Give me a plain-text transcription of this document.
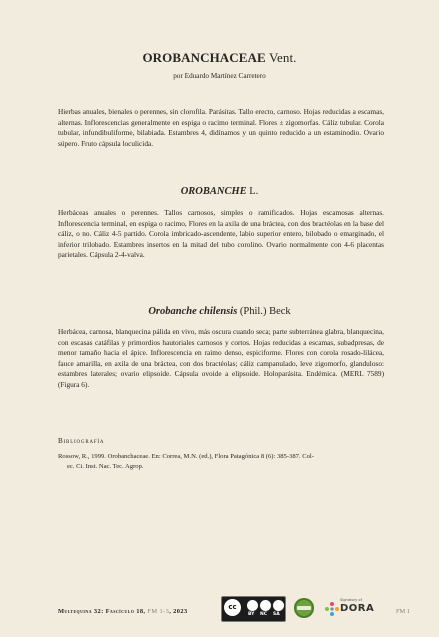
OROBANCHACEAE Vent.
por Eduardo Martínez Carretero
Hierbas anuales, bienales o perennes, sin clorofila. Parásitas. Tallo erecto, carnoso. Hojas reducidas a escamas, alternas. Inflorescencias generalmente en espiga o racimo terminal. Flores ± zigomorfas. Cáliz tubular. Corola tubular, infundibuliforme, bilabiada. Estambres 4, didínamos y un quinto reducido a un estaminodio. Ovario súpero. Fruto cápsula loculicida.
OROBANCHE L.
Herbáceas anuales o perennes. Tallos carnosos, simples o ramificados. Hojas escamosas alternas. Inflorescencia terminal, en espiga o racimo, Flores en la axila de una bráctea, con dos bractéolas en la base del cáliz, o no. Cáliz 4-5 partido. Corola imbricado-ascendente, labio superior entero, bilobado o emarginado, el inferior trilobado. Estambres insertos en la mitad del tubo corolino. Ovario normalmente con 4-6 placentas parietales. Cápsula 2-4-valva.
Orobanche chilensis (Phil.) Beck
Herbácea, carnosa, blanquecina pálida en vivo, más oscura cuando seca; parte subterránea glabra, blanquecina, con escasas catáfilas y primordios hautoriales carnosos y cortos. Hojas reducidas a escamas, subadpresas, de menor tamaño hacia el ápice. Inflorescencia en raimo denso, espiciforme. Flores con corola rosado-lilácea, fauce amarilla, en axila de una bráctea, con dos bractéolas; cáliz campanulado, leve zigomorfo, glanduloso: estambres laterales; ovario elipsoide. Cápsula ovoide a elipsoide. Holoparásita. Endémica. (MERL 7589) (Figura 6).
Bibliografía
Rossow, R., 1999. Orobanchaceae. En: Correa, M.N. (ed.), Flora Patagónica 8 (6): 385-387. Col-
ec. Ci. Inst. Nac. Tec. Agrop.
Multequina 32: Fascículo 18, FM 1-3, 2023
cc
BY NC SA
Signatory of
DORA	FM 1
